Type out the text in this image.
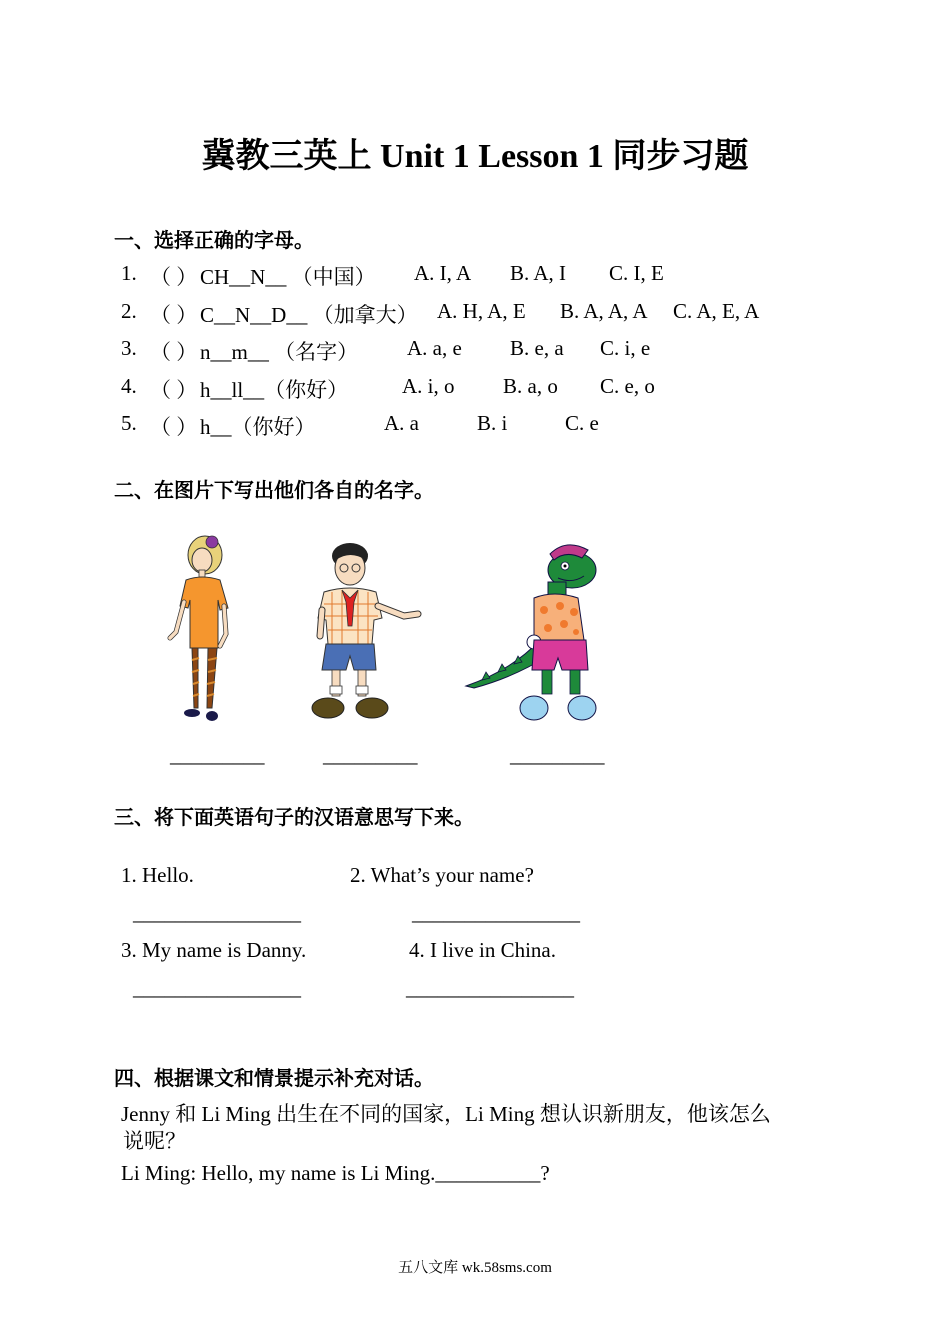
冀教三英上 Unit 1 Lesson 1 同步习题
一、选择正确的字母。
1. （ ） CH__N__ （中国） A. I, A B. A, I C. I, E
2. （ ） C__N__D__ （加拿大） A. H, A, E B. A, A, A C. A, E, A
3. （ ） n__m__ （名字） A. a, e B. e, a C. i, e
4. （ ） h__ll__（你好）	A. i, o B. a, o C. e, o
5. （ ） h__（你好）	A. a	B. i	C. e
二、在图片下写出他们各自的名字。
_________	_________	_________
三、将下面英语句子的汉语意思写下来。
1. Hello.	2. What’s your name?
________________	________________
3. My name is Danny.	4. I live in China.
________________	________________
四、根据课文和情景提示补充对话。
Jenny 和 Li Ming 出生在不同的国家，Li Ming 想认识新朋友，他该怎么
说呢？
Li Ming: Hello, my name is Li Ming.__________?
五八文库 wk.58sms.com
